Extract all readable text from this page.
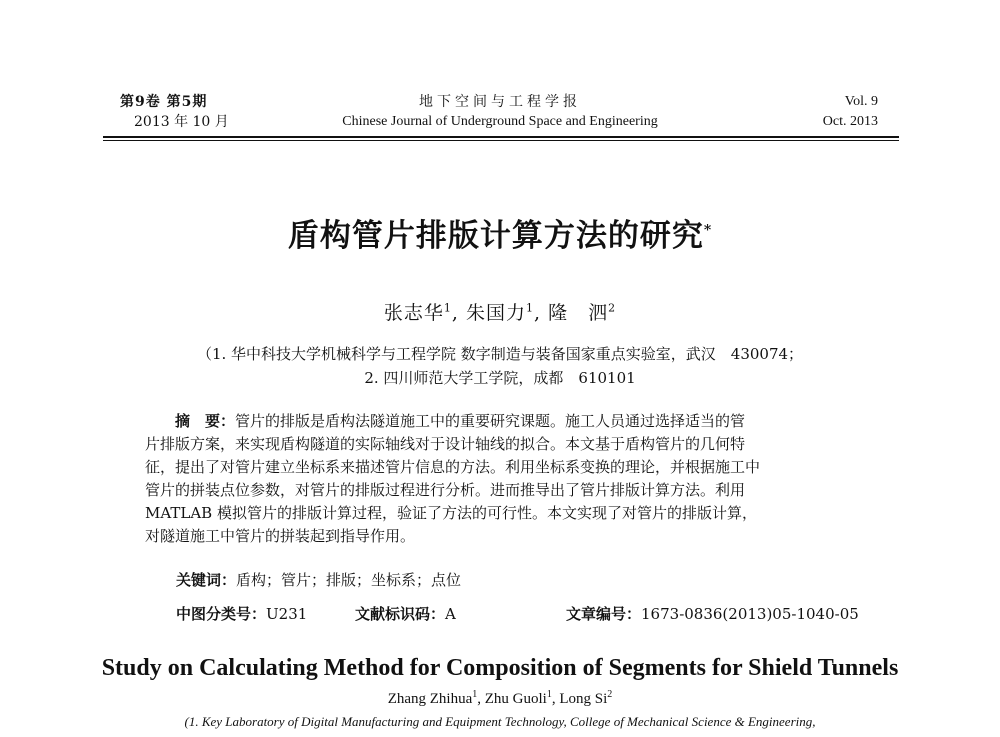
第9卷 第5期
2013 年 10 月
地下空间与工程学报
Chinese Journal of Underground Space and Engineering
Vol. 9
Oct. 2013
盾构管片排版计算方法的研究*
张志华$^1$, 朱国力$^1$, 隆　泗$^2$
（1. 华中科技大学机械科学与工程学院 数字制造与装备国家重点实验室，武汉　430074；
2. 四川师范大学工学院，成都　610101
摘　要：管片的排版是盾构法隧道施工中的重要研究课题。施工人员通过选择适当的管
片排版方案，来实现盾构隧道的实际轴线对于设计轴线的拟合。本文基于盾构管片的几何特
征，提出了对管片建立坐标系来描述管片信息的方法。利用坐标系变换的理论，并根据施工中
管片的拼装点位参数，对管片的排版过程进行分析。进而推导出了管片排版计算方法。利用
MATLAB 模拟管片的排版计算过程，验证了方法的可行性。本文实现了对管片的排版计算，
对隧道施工中管片的拼装起到指导作用。
关键词：盾构；管片；排版；坐标系；点位
中图分类号：U231	文献标识码：A	文章编号：1673-0836(2013)05-1040-05
Study on Calculating Method for Composition of Segments for Shield Tunnels
Zhang Zhihua$^1$, Zhu Guoli$^1$, Long Si$^2$
(1. Key Laboratory of Digital Manufacturing and Equipment Technology, College of Mechanical Science & Engineering,
